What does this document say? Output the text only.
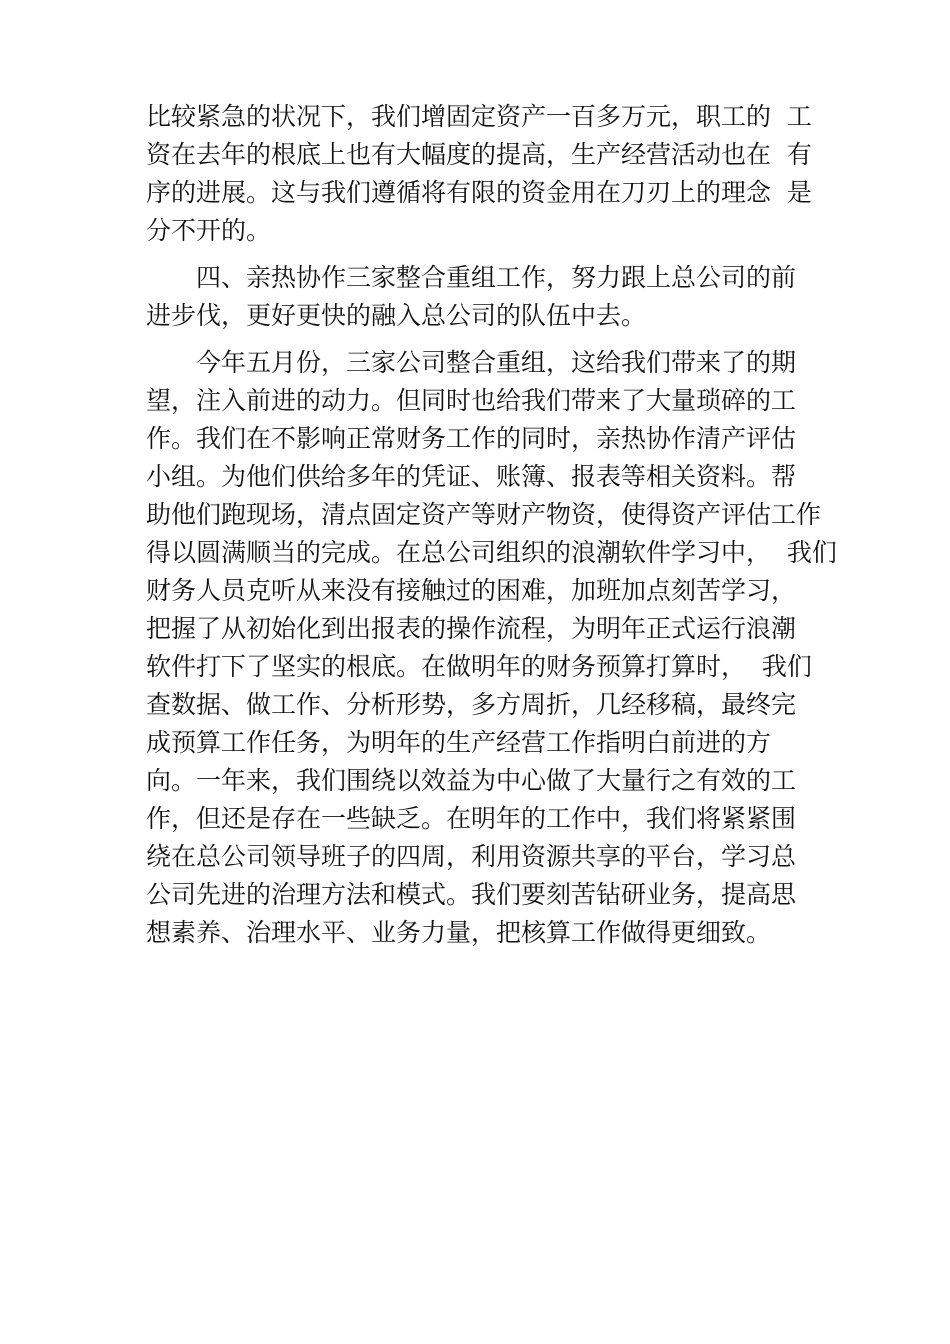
比较紧急的状况下，我们增固定资产一百多万元，职工的  工
资在去年的根底上也有大幅度的提高，生产经营活动也在  有
序的进展。这与我们遵循将有限的资金用在刀刃上的理念  是
分不开的。
四、亲热协作三家整合重组工作，努力跟上总公司的前
进步伐，更好更快的融入总公司的队伍中去。
今年五月份，三家公司整合重组，这给我们带来了的期
望，注入前进的动力。但同时也给我们带来了大量琐碎的工
作。我们在不影响正常财务工作的同时，亲热协作清产评估
小组。为他们供给多年的凭证、账簿、报表等相关资料。帮
助他们跑现场，清点固定资产等财产物资，使得资产评估工作
得以圆满顺当的完成。在总公司组织的浪潮软件学习中，  我们
财务人员克听从来没有接触过的困难，加班加点刻苦学习，
把握了从初始化到出报表的操作流程，为明年正式运行浪潮
软件打下了坚实的根底。在做明年的财务预算打算时，  我们
查数据、做工作、分析形势，多方周折，几经移稿，最终完
成预算工作任务，为明年的生产经营工作指明白前进的方
向。一年来，我们围绕以效益为中心做了大量行之有效的工
作，但还是存在一些缺乏。在明年的工作中，我们将紧紧围
绕在总公司领导班子的四周，利用资源共享的平台，学习总
公司先进的治理方法和模式。我们要刻苦钻研业务，提高思
想素养、治理水平、业务力量，把核算工作做得更细致。
